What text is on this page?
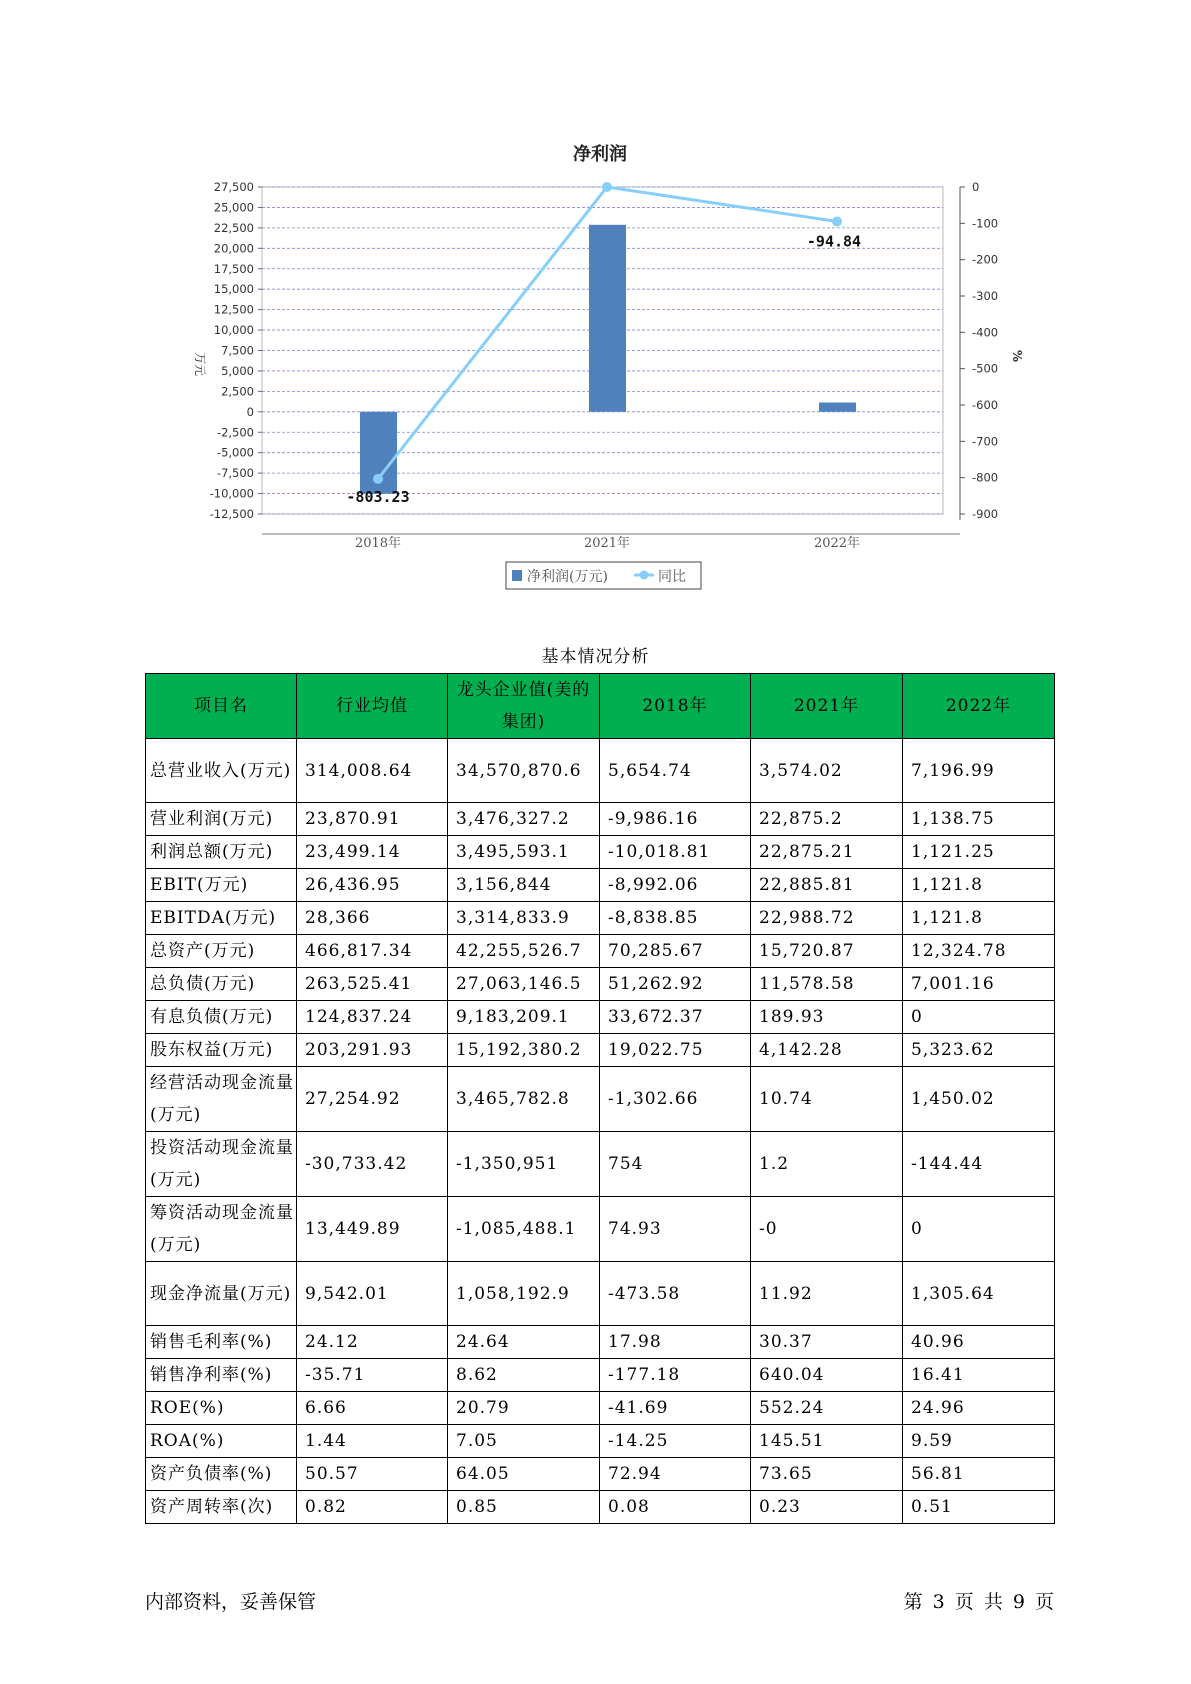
净利润
27,500
25,000
22,500
20,000
17,500
15,000
12,500
10,000
7,500
5,000
2,500
0
-2,500
-5,000
-7,500
-10,000
-12,500
0
-100
-200
-300
-400
-500
-600
-700
-800
-900
万元	%
2018年	2021年	2022年
-803.23
-94.84
净利润(万元)	同比
基本情况分析
项目名	行业均值	龙头企业值(美的集团)	2018年	2021年	2022年
总营业收入(万元)	314,008.64	34,570,870.6	5,654.74	3,574.02	7,196.99
营业利润(万元)	23,870.91	3,476,327.2	-9,986.16	22,875.2	1,138.75
利润总额(万元)	23,499.14	3,495,593.1	-10,018.81	22,875.21	1,121.25
EBIT(万元)	26,436.95	3,156,844	-8,992.06	22,885.81	1,121.8
EBITDA(万元)	28,366	3,314,833.9	-8,838.85	22,988.72	1,121.8
总资产(万元)	466,817.34	42,255,526.7	70,285.67	15,720.87	12,324.78
总负债(万元)	263,525.41	27,063,146.5	51,262.92	11,578.58	7,001.16
有息负债(万元)	124,837.24	9,183,209.1	33,672.37	189.93	0
股东权益(万元)	203,291.93	15,192,380.2	19,022.75	4,142.28	5,323.62
经营活动现金流量(万元)	27,254.92	3,465,782.8	-1,302.66	10.74	1,450.02
投资活动现金流量(万元)	-30,733.42	-1,350,951	754	1.2	-144.44
筹资活动现金流量(万元)	13,449.89	-1,085,488.1	74.93	-0	0
现金净流量(万元)	9,542.01	1,058,192.9	-473.58	11.92	1,305.64
销售毛利率(%)	24.12	24.64	17.98	30.37	40.96
销售净利率(%)	-35.71	8.62	-177.18	640.04	16.41
ROE(%)	6.66	20.79	-41.69	552.24	24.96
ROA(%)	1.44	7.05	-14.25	145.51	9.59
资产负债率(%)	50.57	64.05	72.94	73.65	56.81
资产周转率(次)	0.82	0.85	0.08	0.23	0.51
内部资料，妥善保管	第 3 页 共 9 页
